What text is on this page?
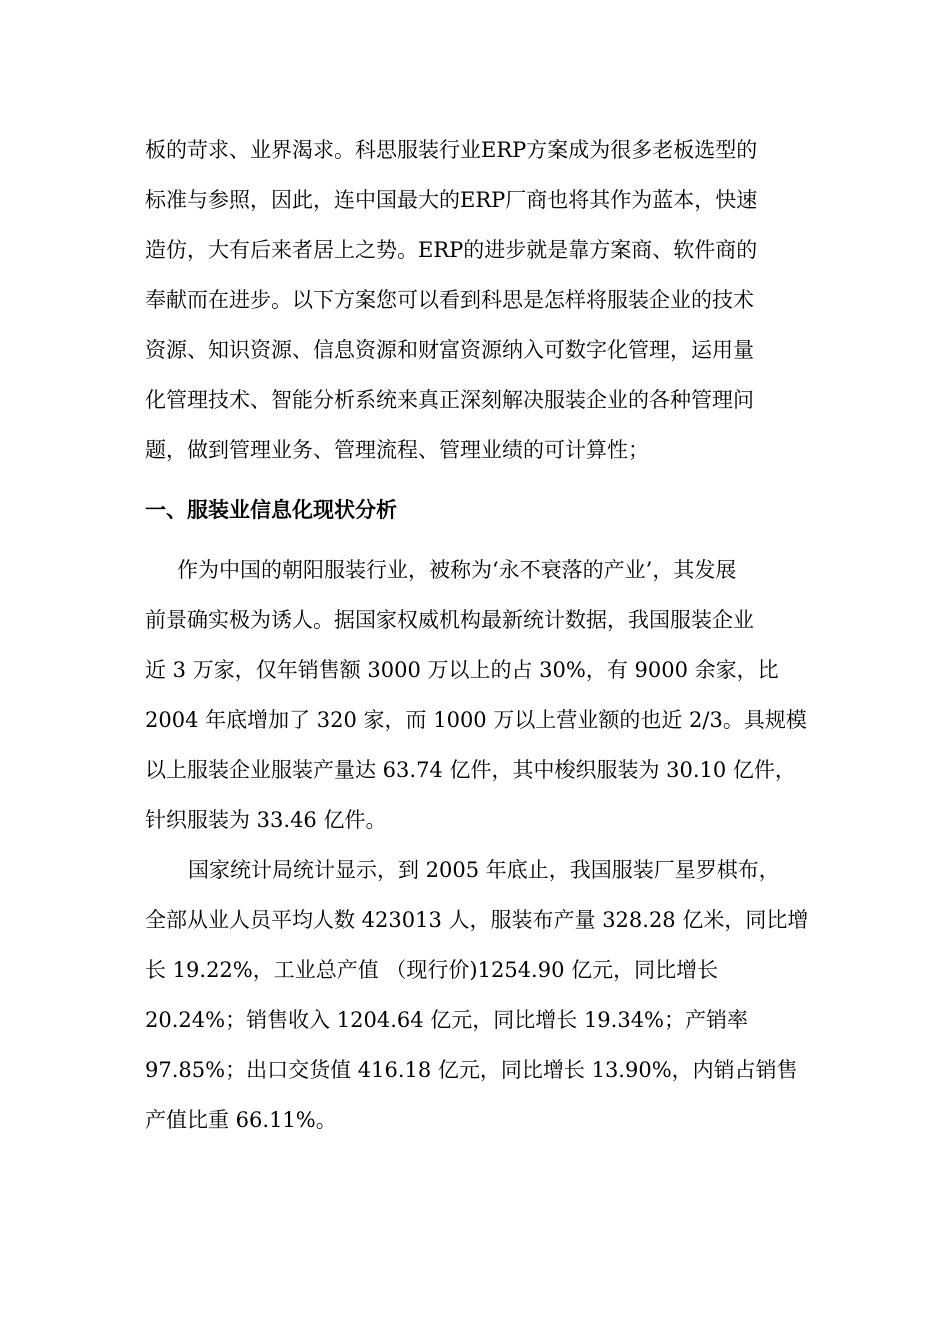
板的苛求、业界渴求。科思服装行业ERP方案成为很多老板选型的
标准与参照，因此，连中国最大的ERP厂商也将其作为蓝本，快速
造仿，大有后来者居上之势。ERP的进步就是靠方案商、软件商的
奉献而在进步。以下方案您可以看到科思是怎样将服装企业的技术
资源、知识资源、信息资源和财富资源纳入可数字化管理，运用量
化管理技术、智能分析系统来真正深刻解决服装企业的各种管理问
题，做到管理业务、管理流程、管理业绩的可计算性；
一、服装业信息化现状分析
作为中国的朝阳服装行业，被称为‘永不衰落的产业’，其发展
前景确实极为诱人。据国家权威机构最新统计数据，我国服装企业
近 3 万家，仅年销售额 3000 万以上的占 30%，有 9000 余家，比
2004 年底增加了 320 家，而 1000 万以上营业额的也近 2/3。具规模
以上服装企业服装产量达 63.74 亿件，其中梭织服装为 30.10 亿件，
针织服装为 33.46 亿件。
国家统计局统计显示，到 2005 年底止，我国服装厂星罗棋布，
全部从业人员平均人数 423013 人，服装布产量 328.28 亿米，同比增
长 19.22%，工业总产值 （现行价)1254.90 亿元，同比增长
20.24%；销售收入 1204.64 亿元，同比增长 19.34%；产销率
97.85%；出口交货值 416.18 亿元，同比增长 13.90%，内销占销售
产值比重 66.11%。
